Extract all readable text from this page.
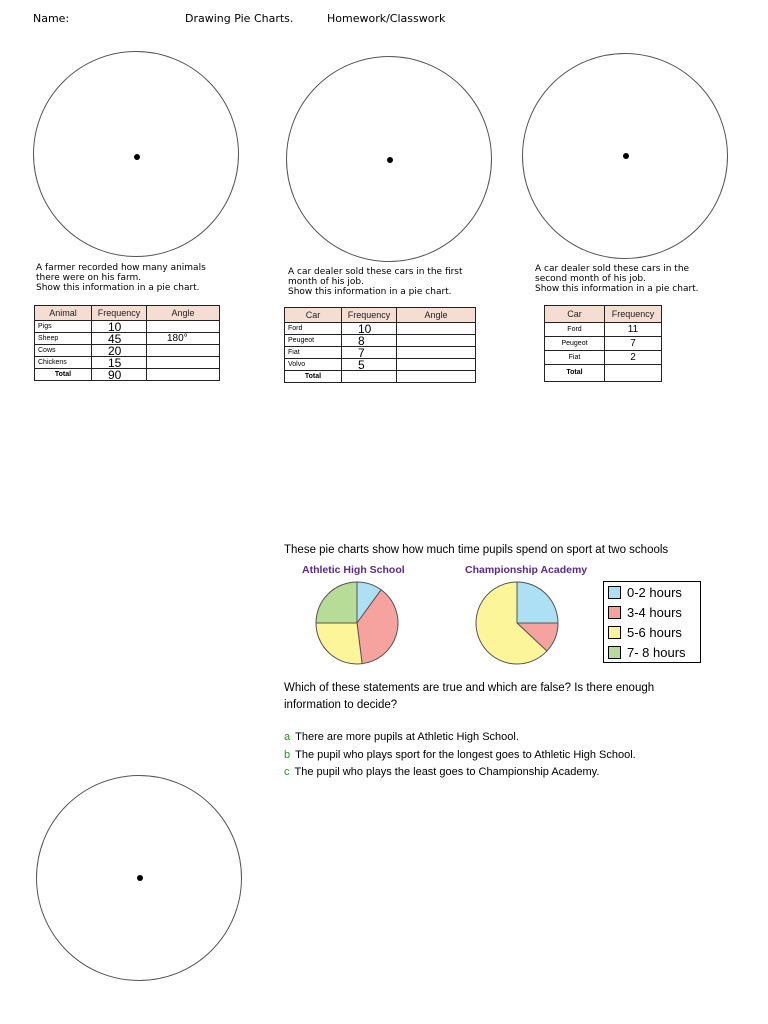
Name:	Drawing Pie Charts.	Homework/Classwork
A farmer recorded how many animals
there were on his farm.
Show this information in a pie chart.
Animal	Frequency	Angle
Pigs	10	
Sheep	45	180°
Cows	20	
Chickens	15	
Total	90	
A car dealer sold these cars in the first
month of his job.
Show this information in a pie chart.
Car	Frequency	Angle
Ford	10	
Peugeot	8	
Fiat	7	
Volvo	5	
Total		
A car dealer sold these cars in the
second month of his job.
Show this information in a pie chart.
Car	Frequency
Ford	11
Peugeot	7
Fiat	2
Total	
These pie charts show how much time pupils spend on sport at two schools
Athletic High School	Championship Academy
0-2 hours
3-4 hours
5-6 hours
7- 8 hours
Which of these statements are true and which are false? Is there enough
information to decide?
a There are more pupils at Athletic High School.
b The pupil who plays sport for the longest goes to Athletic High School.
c The pupil who plays the least goes to Championship Academy.
